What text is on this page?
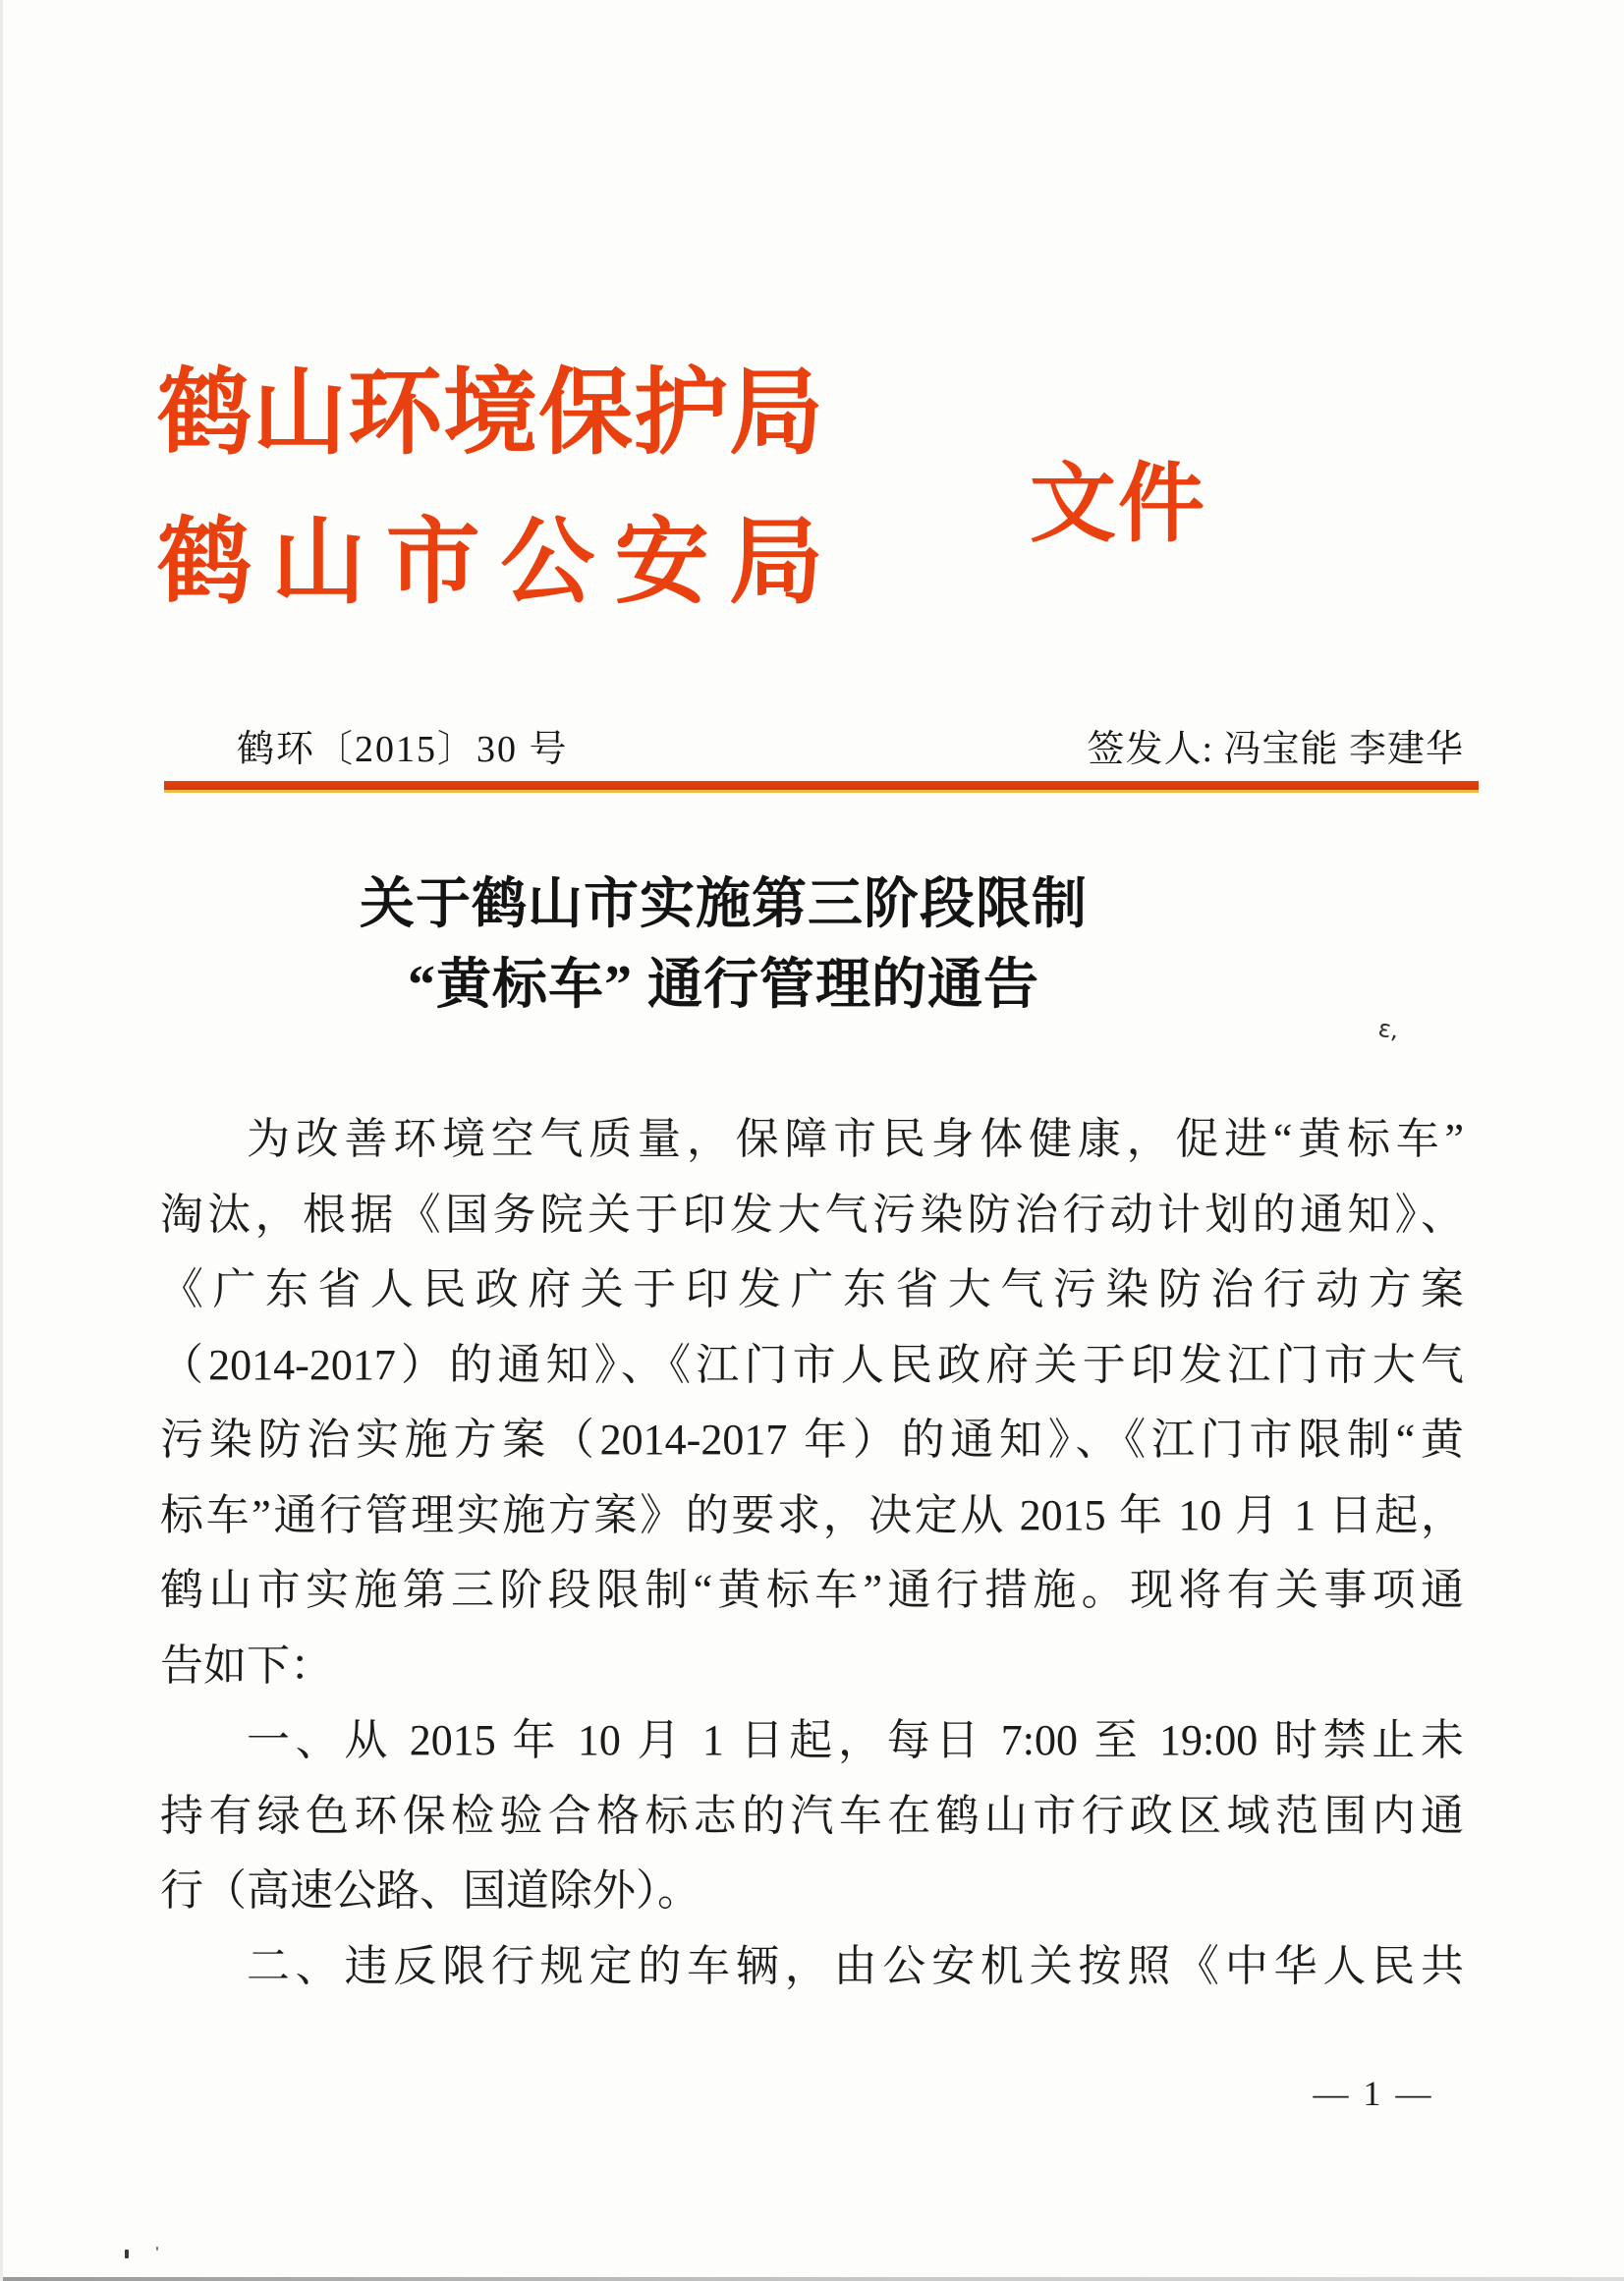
鹤山环境保护局
鹤山市公安局
文件
鹤环〔2015〕30 号	签发人: 冯宝能 李建华
关于鹤山市实施第三阶段限制
“黄标车” 通行管理的通告
为改善环境空气质量，保障市民身体健康，促进“黄标车”
淘汰，根据《国务院关于印发大气污染防治行动计划的通知》、
《广东省人民政府关于印发广东省大气污染防治行动方案
（2014-2017）的通知》、《江门市人民政府关于印发江门市大气
污染防治实施方案（2014-2017 年）的通知》、《江门市限制“黄
标车”通行管理实施方案》的要求，决定从 2015 年 10 月 1 日起，
鹤山市实施第三阶段限制“黄标车”通行措施。现将有关事项通
告如下：
一、从 2015 年 10 月 1 日起，每日 7:00 至 19:00 时禁止未
持有绿色环保检验合格标志的汽车在鹤山市行政区域范围内通
行（高速公路、国道除外）。
二、违反限行规定的车辆，由公安机关按照《中华人民共
— 1 —
ε,
